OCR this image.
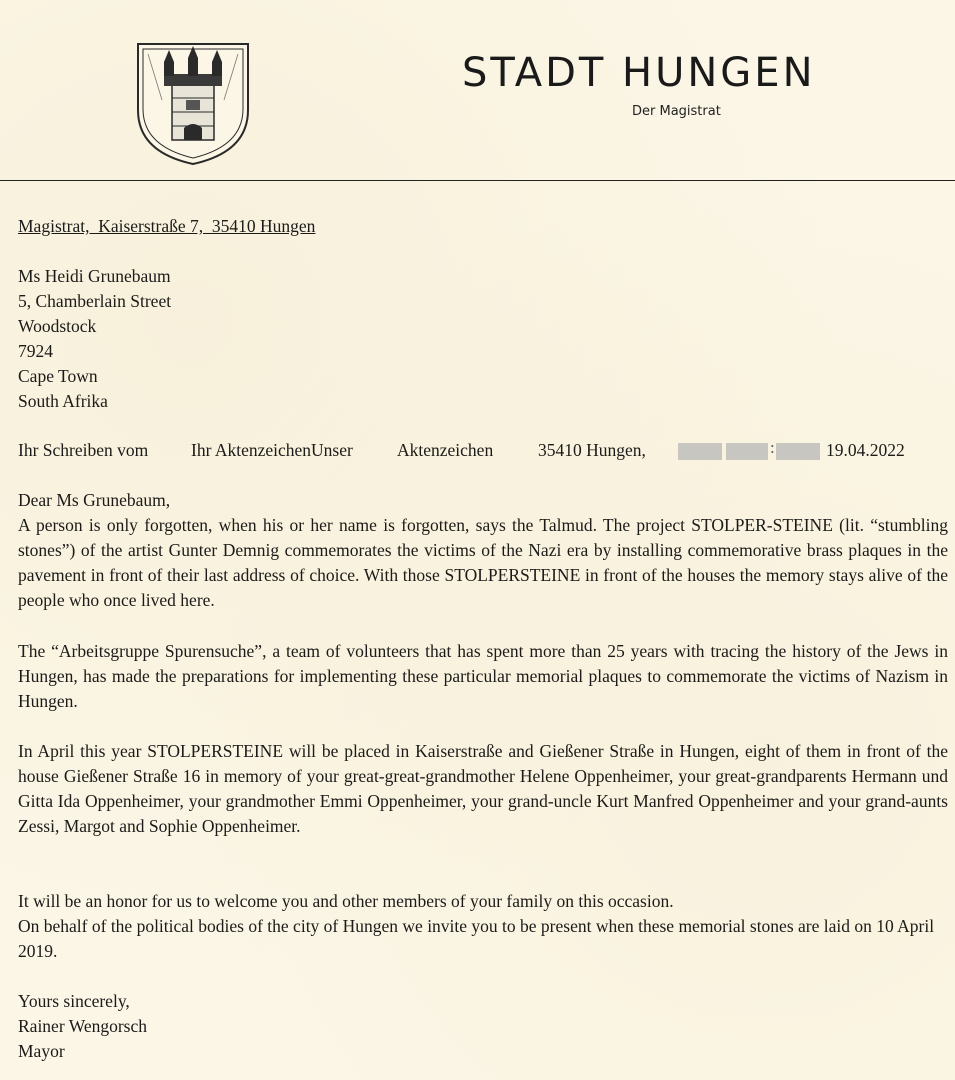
STADT HUNGEN
Der Magistrat
Magistrat,  Kaiserstraße 7,  35410 Hungen
Ms Heidi Grunebaum
5, Chamberlain Street
Woodstock
7924
Cape Town
South Afrika
Ihr Schreiben vom Ihr AktenzeichenUnser	Aktenzeichen	35410 Hungen,	19.04.2022
:

Dear Ms Grunebaum,

A person is only forgotten, when his or her name is forgotten, says the Talmud. The project STOLPER-STEINE (lit. “stumbling stones”) of the artist Gunter Demnig commemorates the victims of the Nazi era by installing commemorative brass plaques in the pavement in front of their last address of choice. With those STOLPERSTEINE in front of the houses the memory stays alive of the people who once lived here.

The “Arbeitsgruppe Spurensuche”, a team of volunteers that has spent more than 25 years with tracing the history of the Jews in Hungen, has made the preparations for implementing these particular memorial plaques to commemorate the victims of Nazism in Hungen.
In April this year STOLPERSTEINE will be placed in Kaiserstraße and Gießener Straße in Hungen, eight of them in front of the house Gießener Straße 16 in memory of your great-great-grandmother Helene Oppenheimer, your great-grandparents Hermann und Gitta Ida Oppenheimer, your grandmother Emmi Oppenheimer, your grand-uncle Kurt Manfred Oppenheimer and your grand-aunts Zessi, Margot and Sophie Oppenheimer.

It will be an honor for us to welcome you and other members of your family on this occasion.

On behalf of the political bodies of the city of Hungen we invite you to be present when these memorial stones are laid on 10 April 2019.

Yours sincerely,

Rainer Wengorsch

Mayor
